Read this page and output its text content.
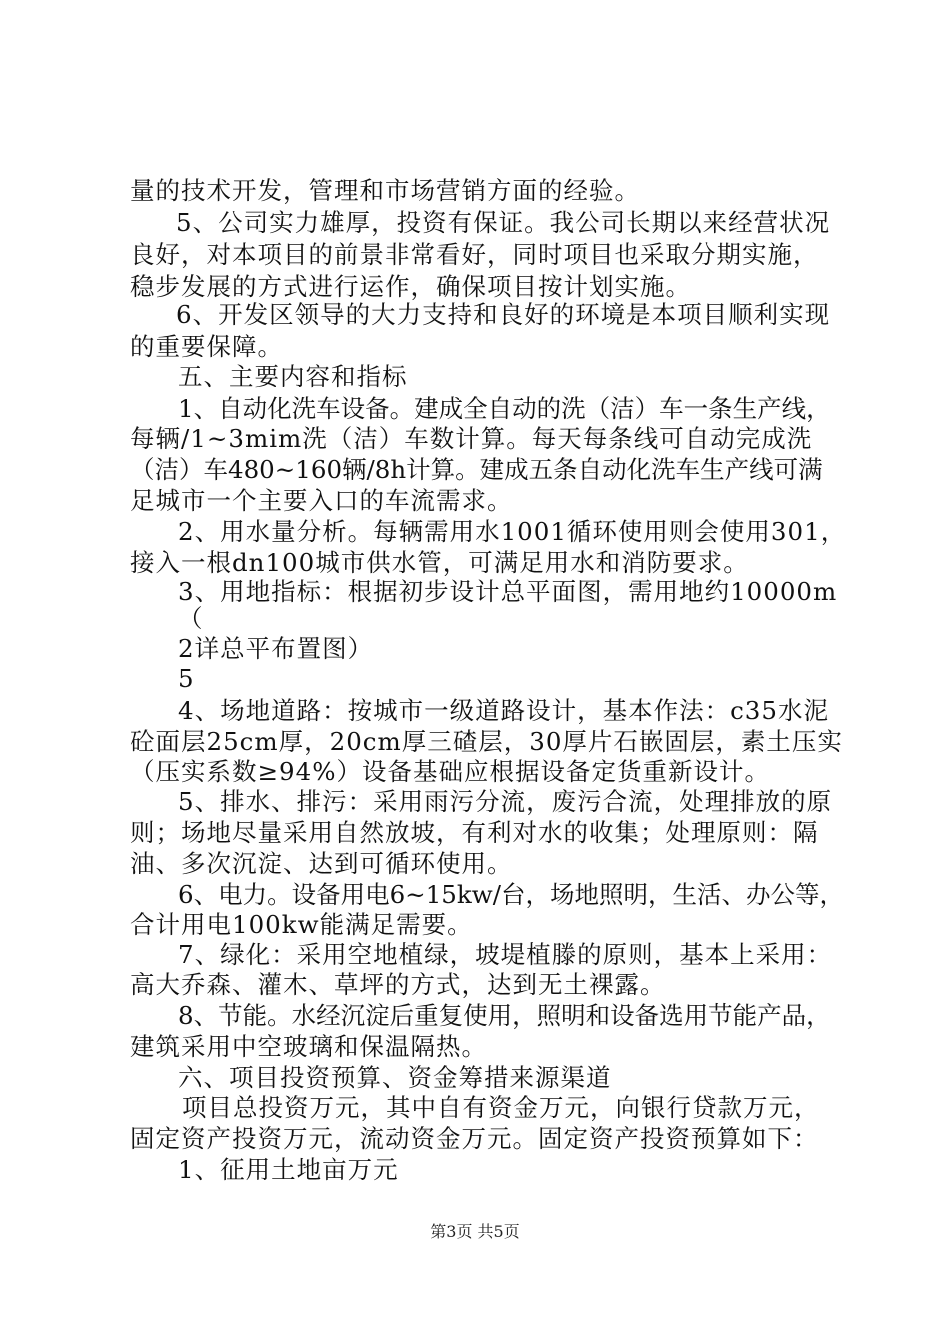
量的技术开发，管理和市场营销方面的经验。
5、公司实力雄厚，投资有保证。我公司长期以来经营状况
良好，对本项目的前景非常看好，同时项目也采取分期实施，
稳步发展的方式进行运作，确保项目按计划实施。
6、开发区领导的大力支持和良好的环境是本项目顺利实现
的重要保障。
五、主要内容和指标
1、自动化洗车设备。建成全自动的洗（洁）车一条生产线，
每辆/1~3mim洗（洁）车数计算。每天每条线可自动完成洗
（洁）车480~160辆/8h计算。建成五条自动化洗车生产线可满
足城市一个主要入口的车流需求。
2、用水量分析。每辆需用水1001循环使用则会使用301，
接入一根dn100城市供水管，可满足用水和消防要求。
3、用地指标：根据初步设计总平面图，需用地约10000m
（
2详总平布置图）
5
4、场地道路：按城市一级道路设计，基本作法：c35水泥
砼面层25cm厚，20cm厚三碴层，30厚片石嵌固层，素土压实
（压实系数≥94%）设备基础应根据设备定货重新设计。
5、排水、排污：采用雨污分流，废污合流，处理排放的原
则；场地尽量采用自然放坡，有利对水的收集；处理原则：隔
油、多次沉淀、达到可循环使用。
6、电力。设备用电6~15kw/台，场地照明，生活、办公等，
合计用电100kw能满足需要。
7、绿化：采用空地植绿，坡堤植滕的原则，基本上采用：
高大乔森、灌木、草坪的方式，达到无土裸露。
8、节能。水经沉淀后重复使用，照明和设备选用节能产品，
建筑采用中空玻璃和保温隔热。
六、项目投资预算、资金筹措来源渠道
项目总投资万元，其中自有资金万元，向银行贷款万元，
固定资产投资万元，流动资金万元。固定资产投资预算如下：
1、征用土地亩万元
第3页 共5页
